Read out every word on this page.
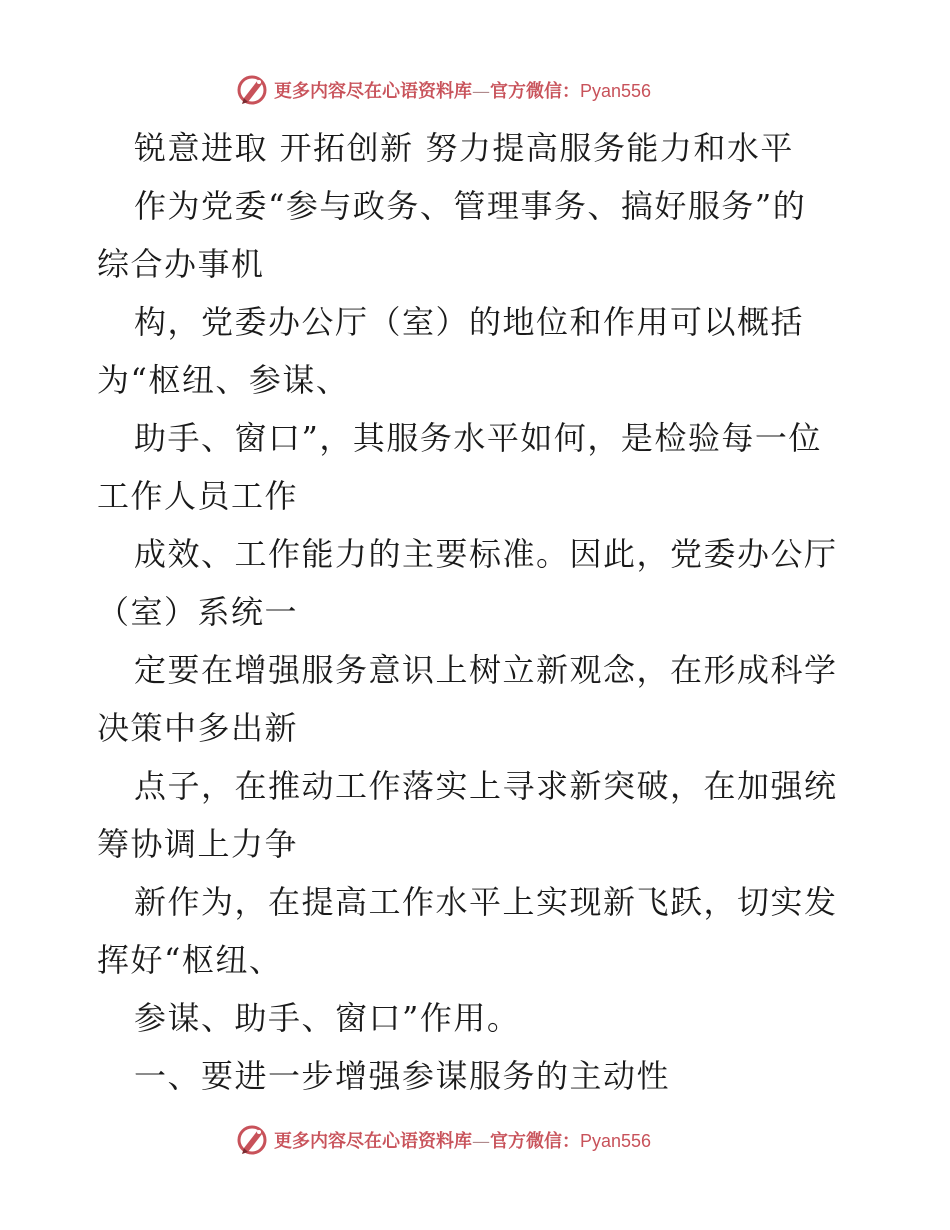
更多内容尽在心语资料库—官方微信：Pyan556
锐意进取 开拓创新 努力提高服务能力和水平
作为党委“参与政务、管理事务、搞好服务”的
综合办事机
构，党委办公厅（室）的地位和作用可以概括
为“枢纽、参谋、
助手、窗口”，其服务水平如何，是检验每一位
工作人员工作
成效、工作能力的主要标准。因此，党委办公厅
（室）系统一
定要在增强服务意识上树立新观念，在形成科学
决策中多出新
点子，在推动工作落实上寻求新突破，在加强统
筹协调上力争
新作为，在提高工作水平上实现新飞跃，切实发
挥好“枢纽、
参谋、助手、窗口”作用。
一、要进一步增强参谋服务的主动性
更多内容尽在心语资料库—官方微信：Pyan556
